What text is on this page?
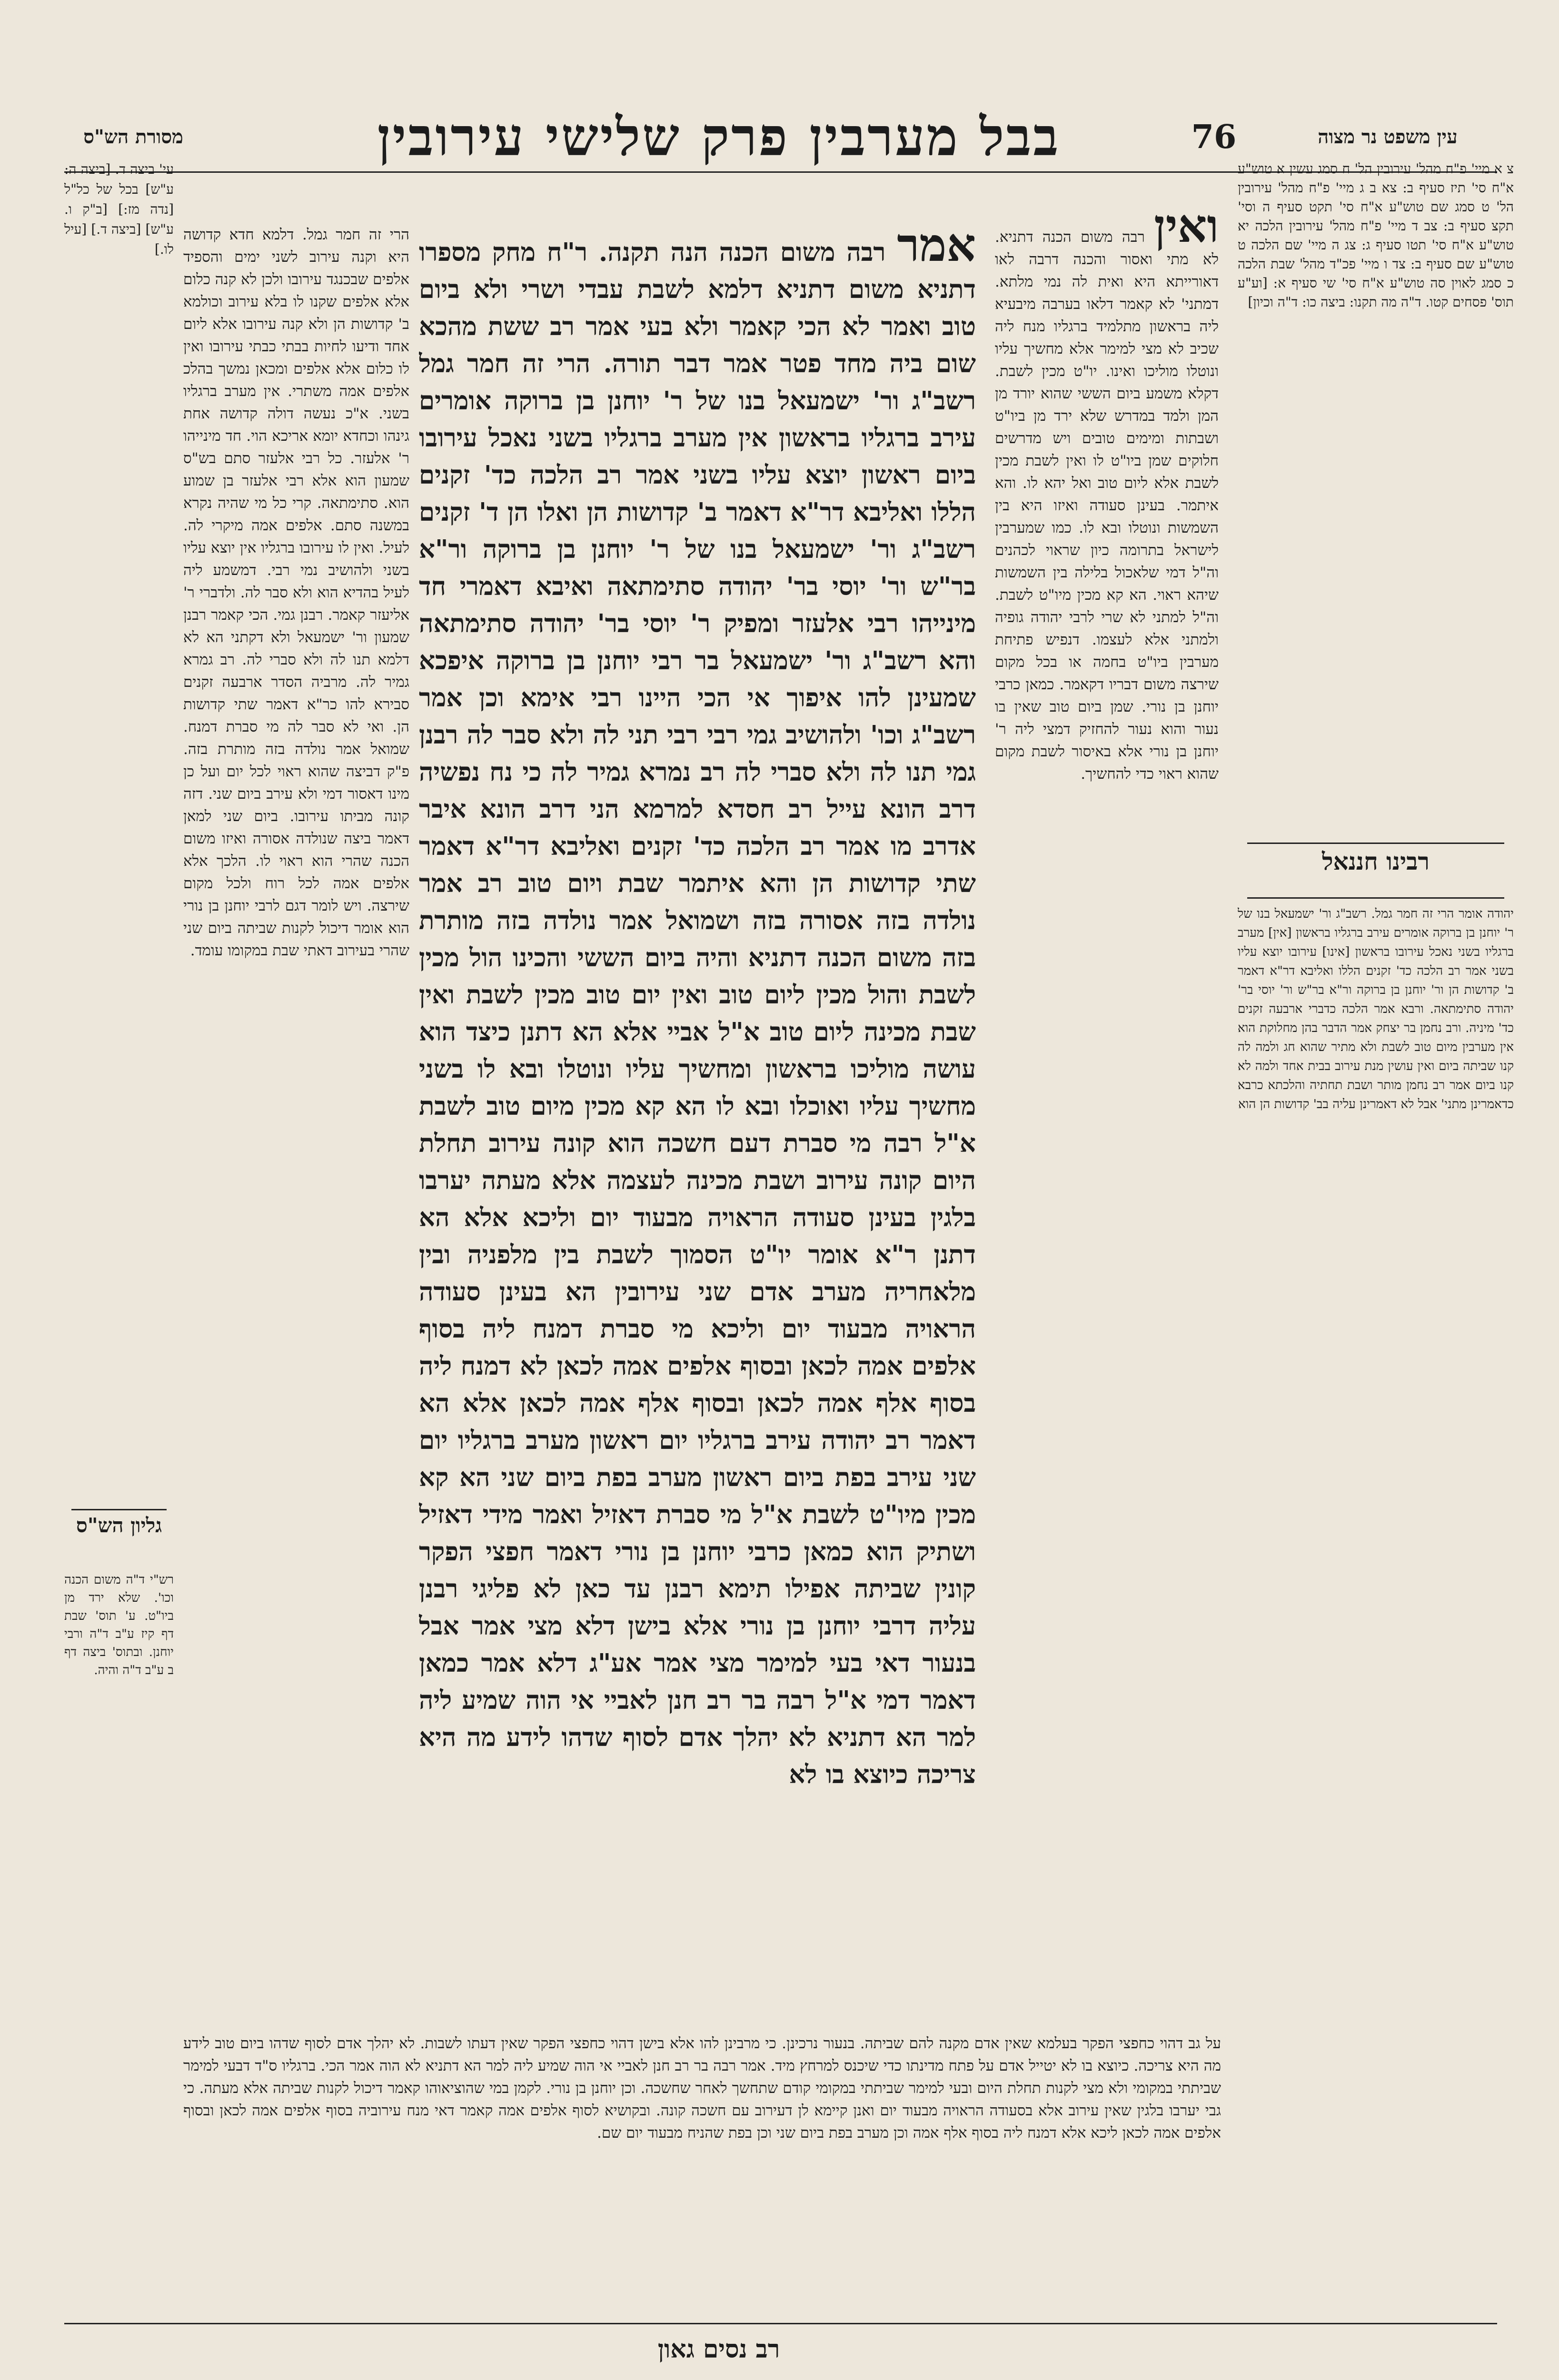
מסורת הש"ס	בבל מערבין פרק שלישי עירובין	76	עין משפט נר מצוה
עי' ביצה ד. [ביצה ה: ע"ש] בכל של כל"ל [נדה מז:] [ב"ק ו. ע"ש] [ביצה ד.] [עיל לו.]
הרי זה חמר גמל. דלמא חדא קדושה היא וקנה עירוב לשני ימים והספיד אלפים שבכנגד עירובו ולכן לא קנה כלום אלא אלפים שקנו לו בלא עירוב וכולמא ב' קדושות הן ולא קנה עירובו אלא ליום אחד ודיעו לחיות בבתי כבתי עירובו ואין לו כלום אלא אלפים ומכאן נמשך בהלכ אלפים אמה משתרי. אין מערב ברגליו בשני. א"כ נעשה דולה קדושה אחת גינהו וכחדא יומא אריכא הוי. חד מינייהו ר' אלעזר. כל רבי אלעזר סתם בש"ס שמעון הוא אלא רבי אלעזר בן שמוע הוא. סתימתאה. קרי כל מי שהיה נקרא במשנה סתם. אלפים אמה מיקרי לה. לעיל. ואין לו עירובו ברגליו אין יוצא עליו בשני ולהושיב נמי רבי. דמשמע ליה לעיל בהדיא הוא ולא סבר לה. ולדברי ר' אליעזר קאמר. רבנן גמי. הכי קאמר רבנן שמעון ור' ישמעאל ולא דקתני הא לא דלמא תנו לה ולא סברי לה. רב גמרא גמיר לה. מרביה הסדר ארבעה זקנים סבירא להו כר"א דאמר שתי קדושות הן. ואי לא סבר לה מי סברת דמנח. שמואל אמר נולדה בזה מותרת בזה. פ"ק דביצה שהוא ראוי לכל יום ועל כן מינו דאסור דמי ולא עירב ביום שני. דזה קונה מביתו עירובו. ביום שני למאן דאמר ביצה שנולדה אסורה ואיזו משום הכנה שהרי הוא ראוי לו. הלכך אלא אלפים אמה לכל רוח ולכל מקום שירצה. ויש לומר דגם לרבי יוחנן בן נורי הוא אומר דיכול לקנות שביתה ביום שני שהרי בעירוב דאתי שבת במקומו עומד.
אמר רבה משום הכנה הנה תקנה. ר"ח מחק מספרו דתניא משום דתניא דלמא לשבת עבדי ושרי ולא ביום טוב ואמר לא הכי קאמר ולא בעי אמר רב ששת מהכא שום ביה מחד פטר אמר דבר תורה. הרי זה חמר גמל רשב"ג ור' ישמעאל בנו של ר' יוחנן בן ברוקה אומרים עירב ברגליו בראשון אין מערב ברגליו בשני נאכל עירובו ביום ראשון יוצא עליו בשני אמר רב הלכה כד' זקנים הללו ואליבא דר"א דאמר ב' קדושות הן ואלו הן ד' זקנים רשב"ג ור' ישמעאל בנו של ר' יוחנן בן ברוקה ור"א בר"ש ור' יוסי בר' יהודה סתימתאה ואיבא דאמרי חד מינייהו רבי אלעזר ומפיק ר' יוסי בר' יהודה סתימתאה והא רשב"ג ור' ישמעאל בר רבי יוחנן בן ברוקה איפכא שמעינן להו איפוך אי הכי היינו רבי אימא וכן אמר רשב"ג וכו' ולהושיב גמי רבי רבי תני לה ולא סבר לה רבנן גמי תנו לה ולא סברי לה רב נמרא גמיר לה כי נח נפשיה דרב הונא עייל רב חסדא למרמא הני דרב הונא איבר אדרב מו אמר רב הלכה כד' זקנים ואליבא דר"א דאמר שתי קדושות הן והא איתמר שבת ויום טוב רב אמר נולדה בזה אסורה בזה ושמואל אמר נולדה בזה מותרת בזה משום הכנה דתניא והיה ביום הששי והכינו הול מכין לשבת והול מכין ליום טוב ואין יום טוב מכין לשבת ואין שבת מכינה ליום טוב א"ל אביי אלא הא דתנן כיצד הוא עושה מוליכו בראשון ומחשיך עליו ונוטלו ובא לו בשני מחשיך עליו ואוכלו ובא לו הא קא מכין מיום טוב לשבת א"ל רבה מי סברת דעם חשכה הוא קונה עירוב תחלת היום קונה עירוב ושבת מכינה לעצמה אלא מעתה יערבו בלגין בעינן סעודה הראויה מבעוד יום וליכא אלא הא דתנן ר"א אומר יו"ט הסמוך לשבת בין מלפניה ובין מלאחריה מערב אדם שני עירובין הא בעינן סעודה הראויה מבעוד יום וליכא מי סברת דמנח ליה בסוף אלפים אמה לכאן ובסוף אלפים אמה לכאן לא דמנח ליה בסוף אלף אמה לכאן ובסוף אלף אמה לכאן אלא הא דאמר רב יהודה עירב ברגליו יום ראשון מערב ברגליו יום שני עירב בפת ביום ראשון מערב בפת ביום שני הא קא מכין מיו"ט לשבת א"ל מי סברת דאזיל ואמר מידי דאזיל ושתיק הוא כמאן כרבי יוחנן בן נורי דאמר חפצי הפקר קונין שביתה אפילו תימא רבנן עד כאן לא פליגי רבנן עליה דרבי יוחנן בן נורי אלא בישן דלא מצי אמר אבל בנעור דאי בעי למימר מצי אמר אע"ג דלא אמר כמאן דאמר דמי א"ל רבה בר רב חנן לאביי אי הוה שמיע ליה למר הא דתניא לא יהלך אדם לסוף שדהו לידע מה היא צריכה כיוצא בו לא
ואין רבה משום הכנה דתניא. לא מתי ואסור והכנה דרבה לאו דאורייתא היא ואית לה נמי מלתא. דמתני' לא קאמר דלאו בערבה מיבעיא ליה בראשון מתלמיד ברגליו מנח ליה שכיב לא מצי למימר אלא מחשיך עליו ונוטלו מוליכו ואינו. יו"ט מכין לשבת. דקלא משמע ביום הששי שהוא יורד מן המן ולמד במדרש שלא ירד מן ביו"ט ושבתות ומימים טובים ויש מדרשים חלוקים שמן ביו"ט לו ואין לשבת מכין לשבת אלא ליום טוב ואל יהא לו. והא איתמר. בעינן סעודה ואיזו היא בין השמשות ונוטלו ובא לו. כמו שמערבין לישראל בתרומה כיון שראוי לכהנים וה"ל דמי שלאכול בלילה בין השמשות שיהא ראוי. הא קא מכין מיו"ט לשבת. וה"ל למתני לא שרי לרבי יהודה גופיה ולמתני אלא לעצמו. דנפיש פתיחת מערבין ביו"ט בחמה או בכל מקום שירצה משום דבריו דקאמר. כמאן כרבי יוחנן בן נורי. שמן ביום טוב שאין בו נעור והוא נעור להחזיק דמצי ליה ר' יוחנן בן נורי אלא באיסור לשבת מקום שהוא ראוי כדי להחשיך.
צ א מיי' פ"ח מהל' עירובין הל' ח סמג עשין א טוש"ע א"ח סי' תיז סעיף ב: צא ב ג מיי' פ"ח מהל' עירובין הל' ט סמג שם טוש"ע א"ח סי' תקט סעיף ה וסי' תקצ סעיף ב: צב ד מיי' פ"ח מהל' עירובין הלכה יא טוש"ע א"ח סי' תטו סעיף ג: צג ה מיי' שם הלכה ט טוש"ע שם סעיף ב: צד ו מיי' פכ"ד מהל' שבת הלכה כ סמג לאוין סה טוש"ע א"ח סי' שי סעיף א: [וע"ע תוס' פסחים קטו. ד"ה מה תקנו: ביצה כו: ד"ה וכיון]
רבינו חננאל
יהודה אומר הרי זה חמר גמל. רשב"ג ור' ישמעאל בנו של ר' יוחנן בן ברוקה אומרים עירב ברגליו בראשון [אין] מערב ברגליו בשני נאכל עירובו בראשון [אינו] עירובו יוצא עליו בשני אמר רב הלכה כד' זקנים הללו ואליבא דר"א דאמר ב' קדושות הן ור' יוחנן בן ברוקה ור"א בר"ש ור' יוסי בר' יהודה סתימתאה. ורבא אמר הלכה כדברי ארבעה זקנים כד' מיניה. ורב נחמן בר יצחק אמר הדבר בהן מחלוקת הוא אין מערבין מיום טוב לשבת ולא מתיר שהוא חג ולמה לה קנו שביתה ביום ואין עושין מנת עירוב בבית אחד ולמה לא קנו ביום אמר רב נחמן מותר ושבת תחתיה והלכתא כרבא כדאמרינן מתני' אבל לא דאמרינן עליה בב' קדושות הן הוא
גליון הש"ס
רש"י ד"ה משום הכנה וכו'. שלא ירד מן ביו"ט. ע' תוס' שבת דף קיז ע"ב ד"ה ורבי יוחנן. ובתוס' ביצה דף ב ע"ב ד"ה והיה.
על גב דהוי כחפצי הפקר בעלמא שאין אדם מקנה להם שביתה. בנעור נרכינן. כי מרבינן להו אלא בישן דהוי כחפצי הפקר שאין דעתו לשבות. לא יהלך אדם לסוף שדהו ביום טוב לידע מה היא צריכה. כיוצא בו לא יטייל אדם על פתח מדינתו כדי שיכנס למרחץ מיד. אמר רבה בר רב חנן לאביי אי הוה שמיע ליה למר הא דתניא לא הוה אמר הכי. ברגליו ס"ד דבעי למימר שביתתי במקומי ולא מצי לקנות תחלת היום ובעי למימר שביתתי במקומי קודם שתחשך לאחר שחשכה. וכן יוחנן בן נורי. לקמן במי שהוציאוהו קאמר דיכול לקנות שביתה אלא מעתה. כי גבי יערבו בלגין שאין עירוב אלא בסעודה הראויה מבעוד יום ואנן קיימא לן דעירוב עם חשכה קונה. ובקושיא לסוף אלפים אמה קאמר דאי מנח עירוביה בסוף אלפים אמה לכאן ובסוף אלפים אמה לכאן ליכא אלא דמנח ליה בסוף אלף אמה וכן מערב בפת ביום שני וכן בפת שהניח מבעוד יום שם.
רב נסים גאון
